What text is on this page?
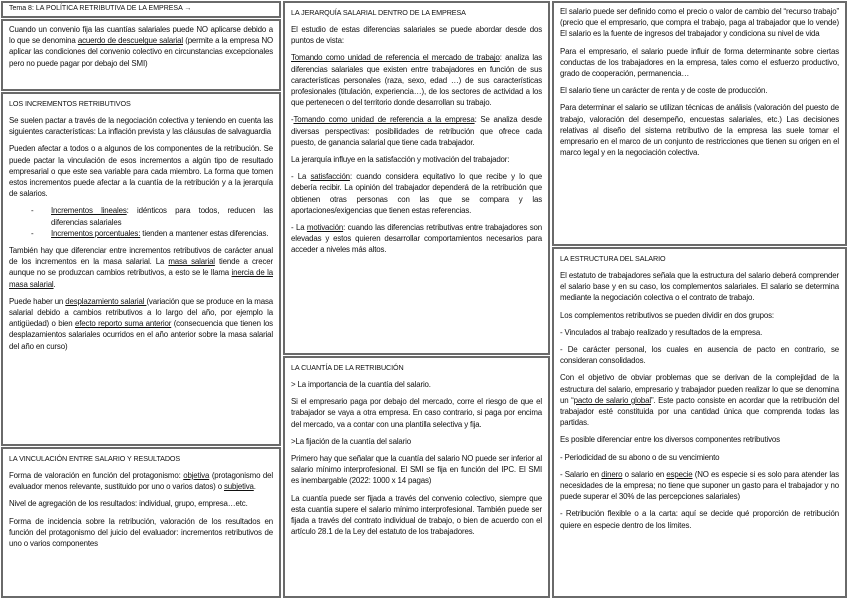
Tema 8: LA POLÍTICA RETRIBUTIVA DE LA EMPRESA →
Cuando un convenio fija las cuantías salariales puede NO aplicarse debido a lo que se denomina acuerdo de descuelgue salarial (permite a la empresa NO aplicar las condiciones del convenio colectivo en circunstancias excepcionales pero no puede pagar por debajo del SMI)
LOS INCREMENTOS RETRIBUTIVOS
Se suelen pactar a través de la negociación colectiva y teniendo en cuenta las siguientes características: La inflación prevista y las cláusulas de salvaguardia
Pueden afectar a todos o a algunos de los componentes de la retribución. Se puede pactar la vinculación de esos incrementos a algún tipo de resultado empresarial o que este sea variable para cada miembro. La forma que tomen estos incrementos puede afectar a la cuantía de la retribución y a la jerarquía de salarios.
-	Incrementos lineales: idénticos para todos, reducen las diferencias salariales
-	Incrementos porcentuales: tienden a mantener estas diferencias.
También hay que diferenciar entre incrementos retributivos de carácter anual de los incrementos en la masa salarial. La masa salarial tiende a crecer aunque no se produzcan cambios retributivos, a esto se le llama inercia de la masa salarial.
Puede haber un desplazamiento salarial (variación que se produce en la masa salarial debido a cambios retributivos a lo largo del año, por ejemplo la antigüedad) o bien efecto reporto suma anterior (consecuencia que tienen los desplazamientos salariales ocurridos en el año anterior sobre la masa salarial del año en curso)
LA VINCULACIÓN ENTRE SALARIO Y RESULTADOS
Forma de valoración en función del protagonismo: objetiva (protagonismo del evaluador menos relevante, sustituido por uno o varios datos) o subjetiva.
Nivel de agregación de los resultados: individual, grupo, empresa…etc.
Forma de incidencia sobre la retribución, valoración de los resultados en función del protagonismo del juicio del evaluador: incrementos retributivos de uno o varios componentes
LA JERARQUÍA SALARIAL DENTRO DE LA EMPRESA
El estudio de estas diferencias salariales se puede abordar desde dos puntos de vista:
Tomando como unidad de referencia el mercado de trabajo: analiza las diferencias salariales que existen entre trabajadores en función de sus características personales (raza, sexo, edad …) de sus características profesionales (titulación, experiencia…), de los sectores de actividad a los que pertenecen o del territorio donde desarrollan su trabajo.
-Tomando como unidad de referencia a la empresa: Se analiza desde diversas perspectivas: posibilidades de retribución que ofrece cada puesto, de ganancia salarial que tiene cada trabajador.
La jerarquía influye en la satisfacción y motivación del trabajador:
- La satisfacción: cuando considera equitativo lo que recibe y lo que debería recibir. La opinión del trabajador dependerá de la retribución que obtienen otras personas con las que se compara y las aportaciones/exigencias que tienen estas referencias.
- La motivación: cuando las diferencias retributivas entre trabajadores son elevadas y estos quieren desarrollar comportamientos necesarios para acceder a niveles más altos.
LA CUANTÍA DE LA RETRIBUCIÓN
> La importancia de la cuantía del salario.
Si el empresario paga por debajo del mercado, corre el riesgo de que el trabajador se vaya a otra empresa. En caso contrario, si paga por encima del mercado, va a contar con una plantilla selectiva y fija.
>La fijación de la cuantía del salario
Primero hay que señalar que la cuantía del salario NO puede ser inferior al salario mínimo interprofesional. El SMI se fija en función del IPC. El SMI es inembargable (2022: 1000 x 14 pagas)
La cuantía puede ser fijada a través del convenio colectivo, siempre que esta cuantía supere el salario mínimo interprofesional. También puede ser fijada a través del contrato individual de trabajo, o bien de acuerdo con el artículo 28.1 de la Ley del estatuto de los trabajadores.
El salario puede ser definido como el precio o valor de cambio del “recurso trabajo” (precio que el empresario, que compra el trabajo, paga al trabajador que lo vende) El salario es la fuente de ingresos del trabajador y condiciona su nivel de vida
Para el empresario, el salario puede influir de forma determinante sobre ciertas conductas de los trabajadores en la empresa, tales como el esfuerzo productivo, grado de cooperación, permanencia…
El salario tiene un carácter de renta y de coste de producción.
Para determinar el salario se utilizan técnicas de análisis (valoración del puesto de trabajo, valoración del desempeño, encuestas salariales, etc.) Las decisiones relativas al diseño del sistema retributivo de la empresa las suele tomar el empresario en el marco de un conjunto de restricciones que tienen su origen en el marco legal y en la negociación colectiva.
LA ESTRUCTURA DEL SALARIO
El estatuto de trabajadores señala que la estructura del salario deberá comprender el salario base y en su caso, los complementos salariales. El salario se determina mediante la negociación colectiva o el contrato de trabajo.
Los complementos retributivos se pueden dividir en dos grupos:
- Vinculados al trabajo realizado y resultados de la empresa.
- De carácter personal, los cuales en ausencia de pacto en contrario, se consideran consolidados.
Con el objetivo de obviar problemas que se derivan de la complejidad de la estructura del salario, empresario y trabajador pueden realizar lo que se denomina un “pacto de salario global”. Este pacto consiste en acordar que la retribución del trabajador esté constituida por una cantidad única que comprenda todas las partidas.
Es posible diferenciar entre los diversos componentes retributivos
- Periodicidad de su abono o de su vencimiento
- Salario en dinero o salario en especie (NO es especie si es solo para atender las necesidades de la empresa; no tiene que suponer un gasto para el trabajador y no puede superar el 30% de las percepciones salariales)
- Retribución flexible o a la carta: aquí se decide qué proporción de retribución quiere en especie dentro de los límites.
